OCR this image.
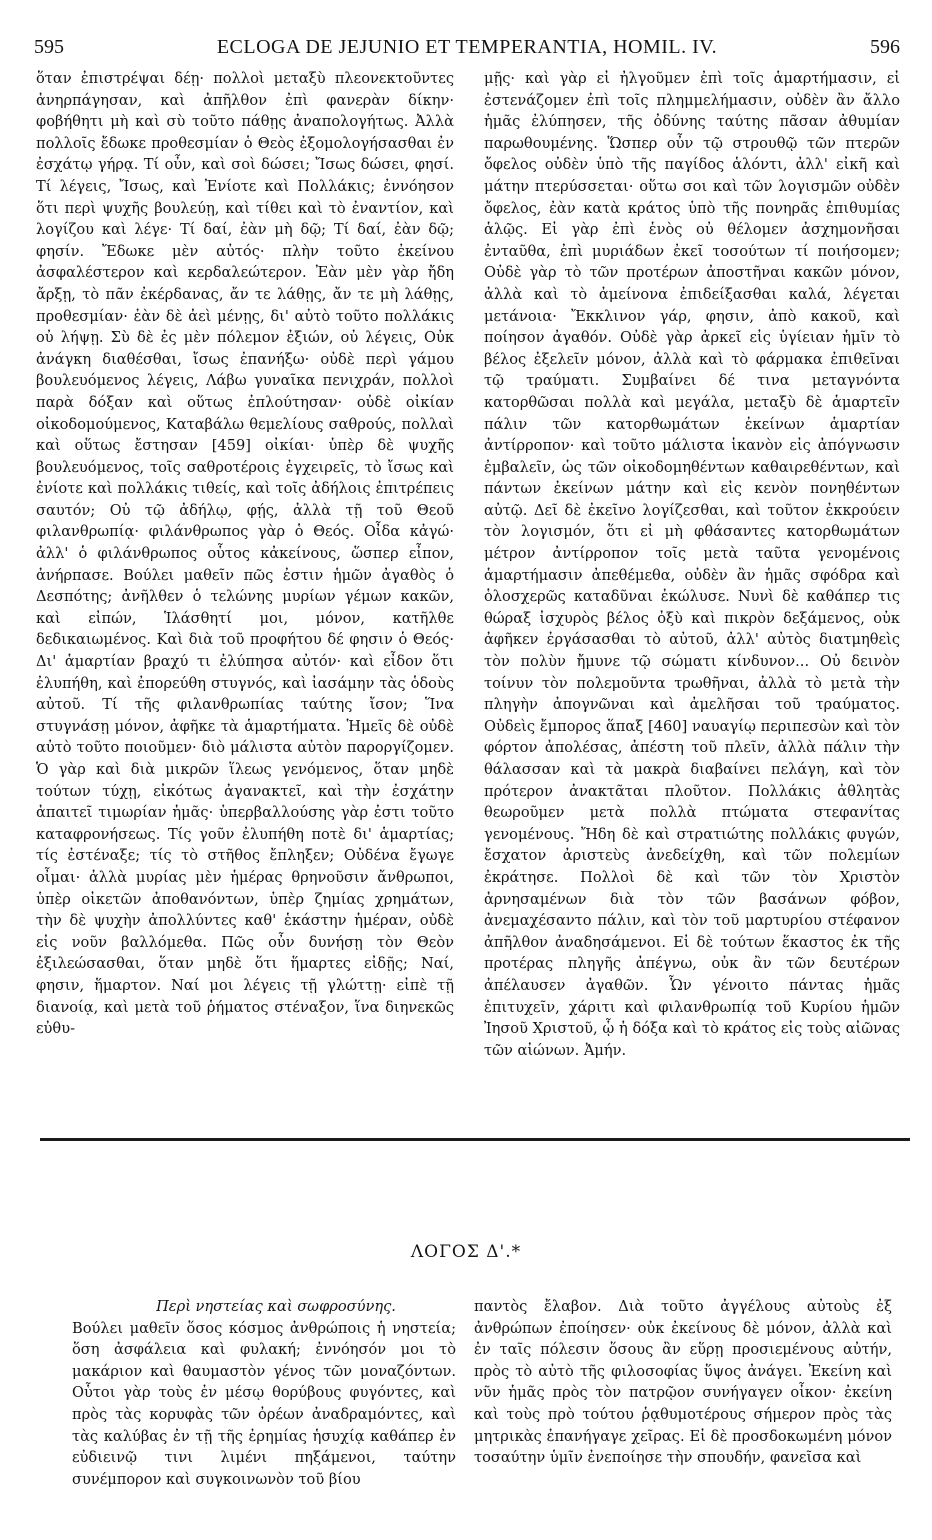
595	ECLOGA DE JEJUNIO ET TEMPERANTIA, HOMIL. IV.	596

ὅταν ἐπιστρέψαι δέῃ· πολλοὶ μεταξὺ πλεονεκτοῦντες ἀνηρπάγησαν, καὶ ἀπῆλθον ἐπὶ φανερὰν δίκην· φοβήθητι μὴ καὶ σὺ τοῦτο πάθῃς ἀναπολογήτως. Ἀλλὰ πολλοῖς ἔδωκε προθεσμίαν ὁ Θεὸς ἐξομολογήσασθαι ἐν ἐσχάτῳ γήρᾳ. Τί οὖν, καὶ σοὶ δώσει; Ἴσως δώσει, φησί. Τί λέγεις, Ἴσως, καὶ Ἐνίοτε καὶ Πολλάκις; ἐννόησον ὅτι περὶ ψυχῆς βουλεύῃ, καὶ τίθει καὶ τὸ ἐναντίον, καὶ λογίζου καὶ λέγε· Τί δαί, ἐὰν μὴ δῷ; Τί δαί, ἐὰν δῷ; φησίν. Ἔδωκε μὲν αὐτός· πλὴν τοῦτο ἐκείνου ἀσφαλέστερον καὶ κερδαλεώτερον. Ἐὰν μὲν γὰρ ἤδη ἄρξῃ, τὸ πᾶν ἐκέρδανας, ἄν τε λάθῃς, ἄν τε μὴ λάθῃς, προθεσμίαν· ἐὰν δὲ ἀεὶ μένῃς, δι' αὐτὸ τοῦτο πολλάκις οὐ λήψῃ. Σὺ δὲ ἐς μὲν πόλεμον ἐξιών, οὐ λέγεις, Οὐκ ἀνάγκη διαθέσθαι, ἴσως ἐπανήξω· οὐδὲ περὶ γάμου βουλευόμενος λέγεις, Λάβω γυναῖκα πενιχράν, πολλοὶ παρὰ δόξαν καὶ οὕτως ἐπλούτησαν· οὐδὲ οἰκίαν οἰκοδομούμενος, Καταβάλω θεμελίους σαθρούς, πολλαὶ καὶ οὕτως ἔστησαν [459] οἰκίαι· ὑπὲρ δὲ ψυχῆς βουλευόμενος, τοῖς σαθροτέροις ἐγχειρεῖς, τὸ ἴσως καὶ ἐνίοτε καὶ πολλάκις τιθείς, καὶ τοῖς ἀδήλοις ἐπιτρέπεις σαυτόν; Οὐ τῷ ἀδήλῳ, φῄς, ἀλλὰ τῇ τοῦ Θεοῦ φιλανθρωπίᾳ· φιλάνθρωπος γὰρ ὁ Θεός. Οἶδα κἀγώ· ἀλλ' ὁ φιλάνθρωπος οὗτος κἀκείνους, ὥσπερ εἶπον, ἀνήρπασε. Βούλει μαθεῖν πῶς ἐστιν ἡμῶν ἀγαθὸς ὁ Δεσπότης; ἀνῆλθεν ὁ τελώνης μυρίων γέμων κακῶν, καὶ εἰπών, Ἱλάσθητί μοι, μόνον, κατῆλθε δεδικαιωμένος. Καὶ διὰ τοῦ προφήτου δέ φησιν ὁ Θεός· Δι' ἁμαρτίαν βραχύ τι ἐλύπησα αὐτόν· καὶ εἶδον ὅτι ἐλυπήθη, καὶ ἐπορεύθη στυγνός, καὶ ἰασάμην τὰς ὁδοὺς αὐτοῦ. Τί τῆς φιλανθρωπίας ταύτης ἴσον; Ἵνα στυγνάσῃ μόνον, ἀφῆκε τὰ ἁμαρτήματα. Ἡμεῖς δὲ οὐδὲ αὐτὸ τοῦτο ποιοῦμεν· διὸ μάλιστα αὐτὸν παροργίζομεν. Ὁ γὰρ καὶ διὰ μικρῶν ἵλεως γενόμενος, ὅταν μηδὲ τούτων τύχῃ, εἰκότως ἀγανακτεῖ, καὶ τὴν ἐσχάτην ἀπαιτεῖ τιμωρίαν ἡμᾶς· ὑπερβαλλούσης γὰρ ἐστι τοῦτο καταφρονήσεως. Τίς γοῦν ἐλυπήθη ποτὲ δι' ἁμαρτίας; τίς ἐστέναξε; τίς τὸ στῆθος ἔπληξεν; Οὐδένα ἔγωγε οἶμαι· ἀλλὰ μυρίας μὲν ἡμέρας θρηνοῦσιν ἄνθρωποι, ὑπὲρ οἰκετῶν ἀποθανόντων, ὑπὲρ ζημίας χρημάτων, τὴν δὲ ψυχὴν ἀπολλύντες καθ' ἑκάστην ἡμέραν, οὐδὲ εἰς νοῦν βαλλόμεθα. Πῶς οὖν δυνήσῃ τὸν Θεὸν ἐξιλεώσασθαι, ὅταν μηδὲ ὅτι ἥμαρτες εἰδῇς; Ναί, φησιν, ἥμαρτον. Ναί μοι λέγεις τῇ γλώττῃ· εἰπὲ τῇ διανοίᾳ, καὶ μετὰ τοῦ ῥήματος στέναξον, ἵνα διηνεκῶς εὐθυ-

μῇς· καὶ γὰρ εἰ ἠλγοῦμεν ἐπὶ τοῖς ἁμαρτήμασιν, εἰ ἐστενάζομεν ἐπὶ τοῖς πλημμελήμασιν, οὐδὲν ἂν ἄλλο ἡμᾶς ἐλύπησεν, τῆς ὀδύνης ταύτης πᾶσαν ἀθυμίαν παρωθουμένης. Ὥσπερ οὖν τῷ στρουθῷ τῶν πτερῶν ὄφελος οὐδὲν ὑπὸ τῆς παγίδος ἁλόντι, ἀλλ' εἰκῆ καὶ μάτην πτερύσσεται· οὕτω σοι καὶ τῶν λογισμῶν οὐδὲν ὄφελος, ἐὰν κατὰ κράτος ὑπὸ τῆς πονηρᾶς ἐπιθυμίας ἁλῷς. Εἰ γὰρ ἐπὶ ἑνὸς οὐ θέλομεν ἀσχημονῆσαι ἐνταῦθα, ἐπὶ μυριάδων ἐκεῖ τοσούτων τί ποιήσομεν; Οὐδὲ γὰρ τὸ τῶν προτέρων ἀποστῆναι κακῶν μόνον, ἀλλὰ καὶ τὸ ἀμείνονα ἐπιδείξασθαι καλά, λέγεται μετάνοια· Ἔκκλινον γάρ, φησιν, ἀπὸ κακοῦ, καὶ ποίησον ἀγαθόν. Οὐδὲ γὰρ ἀρκεῖ εἰς ὑγίειαν ἡμῖν τὸ βέλος ἐξελεῖν μόνον, ἀλλὰ καὶ τὸ φάρμακα ἐπιθεῖναι τῷ τραύματι. Συμβαίνει δέ τινα μεταγνόντα κατορθῶσαι πολλὰ καὶ μεγάλα, μεταξὺ δὲ ἁμαρτεῖν πάλιν τῶν κατορθωμάτων ἐκείνων ἁμαρτίαν ἀντίρροπον· καὶ τοῦτο μάλιστα ἱκανὸν εἰς ἀπόγνωσιν ἐμβαλεῖν, ὡς τῶν οἰκοδομηθέντων καθαιρεθέντων, καὶ πάντων ἐκείνων μάτην καὶ εἰς κενὸν πονηθέντων αὐτῷ. Δεῖ δὲ ἐκεῖνο λογίζεσθαι, καὶ τοῦτον ἐκκρούειν τὸν λογισμόν, ὅτι εἰ μὴ φθάσαντες κατορθωμάτων μέτρον ἀντίρροπον τοῖς μετὰ ταῦτα γενομένοις ἁμαρτήμασιν ἀπεθέμεθα, οὐδὲν ἂν ἡμᾶς σφόδρα καὶ ὁλοσχερῶς καταδῦναι ἐκώλυσε. Νυνὶ δὲ καθάπερ τις θώραξ ἰσχυρὸς βέλος ὀξὺ καὶ πικρὸν δεξάμενος, οὐκ ἀφῆκεν ἐργάσασθαι τὸ αὐτοῦ, ἀλλ' αὐτὸς διατμηθεὶς τὸν πολὺν ἤμυνε τῷ σώματι κίνδυνον... Οὐ δεινὸν τοίνυν τὸν πολεμοῦντα τρωθῆναι, ἀλλὰ τὸ μετὰ τὴν πληγὴν ἀπογνῶναι καὶ ἀμελῆσαι τοῦ τραύματος. Οὐδεὶς ἔμπορος ἅπαξ [460] ναυαγίῳ περιπεσὼν καὶ τὸν φόρτον ἀπολέσας, ἀπέστη τοῦ πλεῖν, ἀλλὰ πάλιν τὴν θάλασσαν καὶ τὰ μακρὰ διαβαίνει πελάγη, καὶ τὸν πρότερον ἀνακτᾶται πλοῦτον. Πολλάκις ἀθλητὰς θεωροῦμεν μετὰ πολλὰ πτώματα στεφανίτας γενομένους. Ἤδη δὲ καὶ στρατιώτης πολλάκις φυγών, ἔσχατον ἀριστεὺς ἀνεδείχθη, καὶ τῶν πολεμίων ἐκράτησε. Πολλοὶ δὲ καὶ τῶν τὸν Χριστὸν ἀρνησαμένων διὰ τὸν τῶν βασάνων φόβον, ἀνεμαχέσαντο πάλιν, καὶ τὸν τοῦ μαρτυρίου στέφανον ἀπῆλθον ἀναδησάμενοι. Εἰ δὲ τούτων ἕκαστος ἐκ τῆς προτέρας πληγῆς ἀπέγνω, οὐκ ἂν τῶν δευτέρων ἀπέλαυσεν ἀγαθῶν. Ὧν γένοιτο πάντας ἡμᾶς ἐπιτυχεῖν, χάριτι καὶ φιλανθρωπίᾳ τοῦ Κυρίου ἡμῶν Ἰησοῦ Χριστοῦ, ᾧ ἡ δόξα καὶ τὸ κράτος εἰς τοὺς αἰῶνας τῶν αἰώνων. Ἀμήν.

ΛΟΓΟΣ Δ'.*

Περὶ νηστείας καὶ σωφροσύνης.

Βούλει μαθεῖν ὅσος κόσμος ἀνθρώποις ἡ νηστεία; ὅση ἀσφάλεια καὶ φυλακή; ἐννόησόν μοι τὸ μακάριον καὶ θαυμαστὸν γένος τῶν μοναζόντων. Οὗτοι γὰρ τοὺς ἐν μέσῳ θορύβους φυγόντες, καὶ πρὸς τὰς κορυφὰς τῶν ὀρέων ἀναδραμόντες, καὶ τὰς καλύβας ἐν τῇ τῆς ἐρημίας ἡσυχίᾳ καθάπερ ἐν εὐδιεινῷ τινι λιμένι πηξάμενοι, ταύτην συνέμπορον καὶ συγκοινωνὸν τοῦ βίου

παντὸς ἔλαβον. Διὰ τοῦτο ἀγγέλους αὐτοὺς ἐξ ἀνθρώπων ἐποίησεν· οὐκ ἐκείνους δὲ μόνον, ἀλλὰ καὶ ἐν ταῖς πόλεσιν ὅσους ἂν εὕρῃ προσιεμένους αὐτήν, πρὸς τὸ αὐτὸ τῆς φιλοσοφίας ὕψος ἀνάγει. Ἐκείνη καὶ νῦν ἡμᾶς πρὸς τὸν πατρῷον συνήγαγεν οἶκον· ἐκείνη καὶ τοὺς πρὸ τούτου ῥᾳθυμοτέρους σήμερον πρὸς τὰς μητρικὰς ἐπανήγαγε χεῖρας. Εἰ δὲ προσδοκωμένη μόνον τοσαύτην ὑμῖν ἐνεποίησε τὴν σπουδήν, φανεῖσα καὶ
